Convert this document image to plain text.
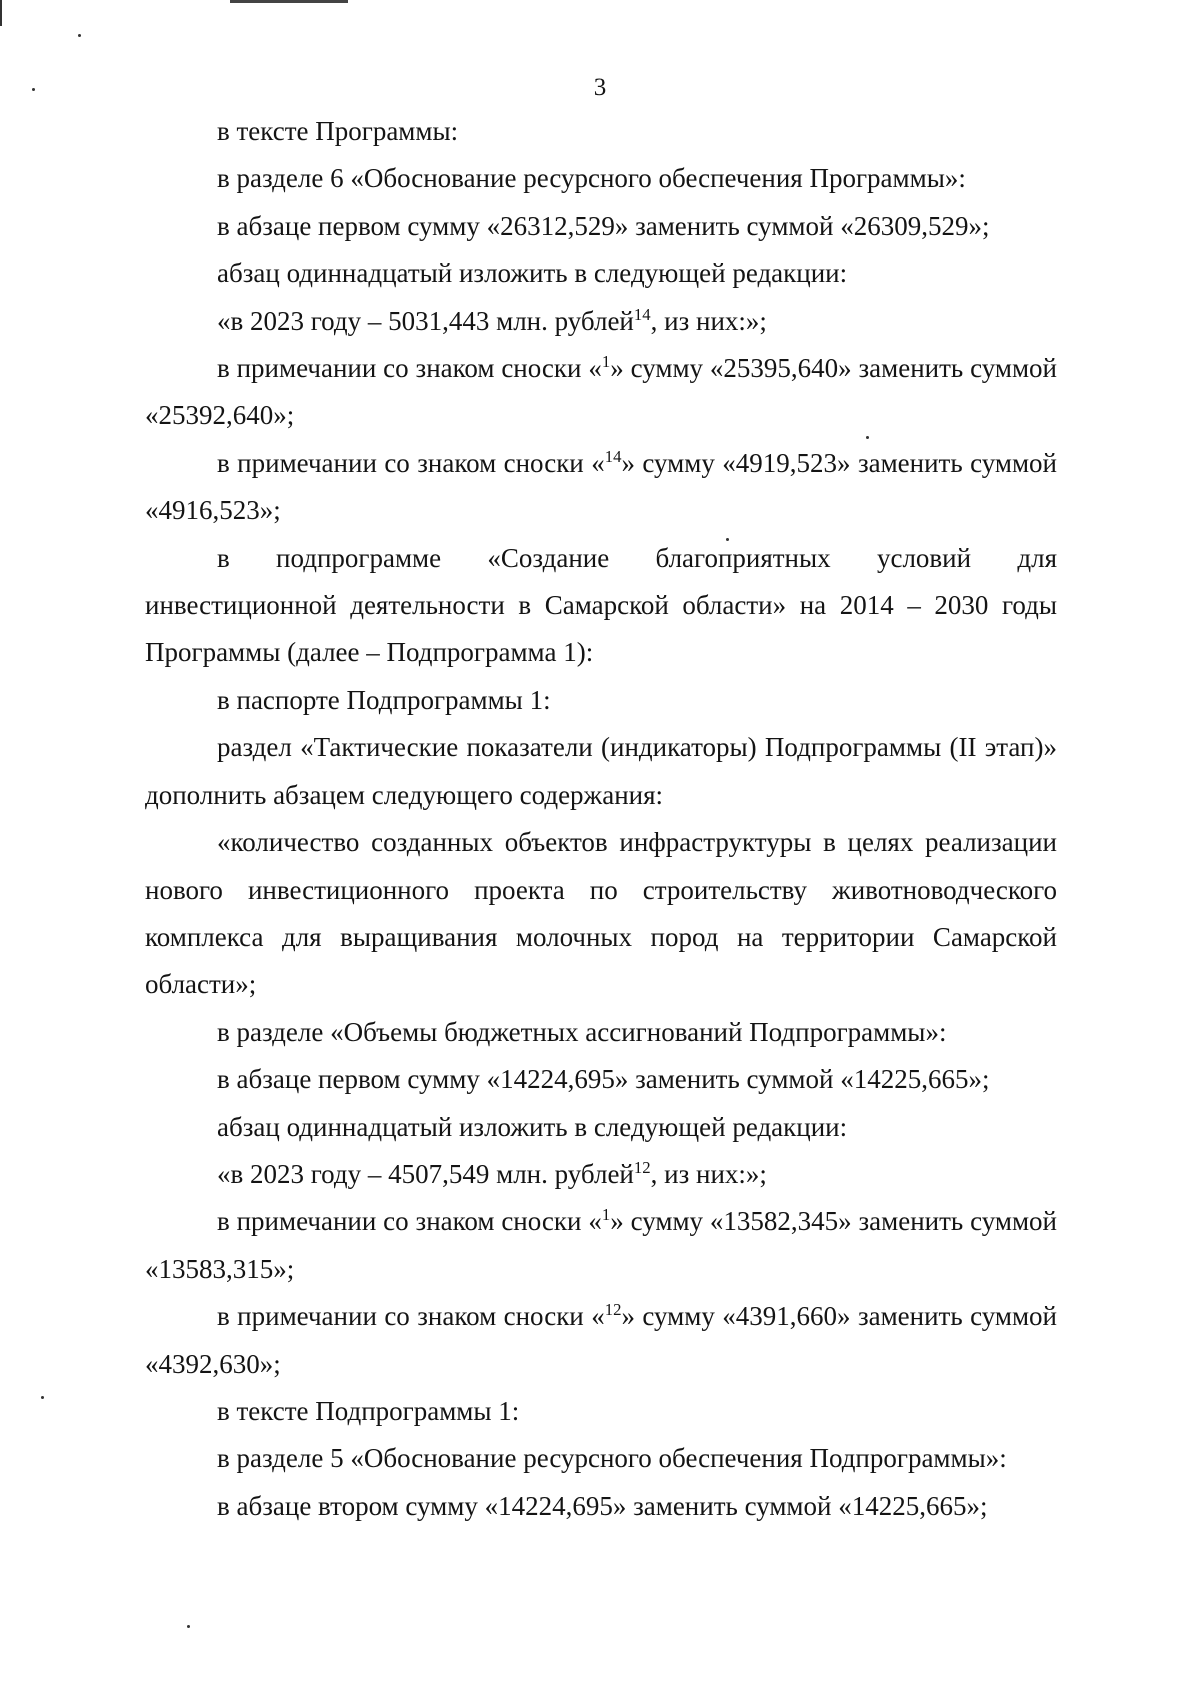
3

в тексте Программы:

в разделе 6 «Обоснование ресурсного обеспечения Программы»:

в абзаце первом сумму «26312,529» заменить суммой «26309,529»;

абзац одиннадцатый изложить в следующей редакции:

«в 2023 году – 5031,443 млн. рублей$^{14}$, из них:»;

в примечании со знаком сноски «$^1$» сумму «25395,640» заменить суммой «25392,640»;

в примечании со знаком сноски «$^{14}$» сумму «4919,523» заменить суммой «4916,523»;

в подпрограмме «Создание благоприятных условий для инвестиционной деятельности в Самарской области» на 2014 – 2030 годы Программы (далее – Подпрограмма 1):

в паспорте Подпрограммы 1:

раздел «Тактические показатели (индикаторы) Подпрограммы (II этап)» дополнить абзацем следующего содержания:

«количество созданных объектов инфраструктуры в целях реализации нового инвестиционного проекта по строительству животноводческого комплекса для выращивания молочных пород на территории Самарской области»;

в разделе «Объемы бюджетных ассигнований Подпрограммы»:

в абзаце первом сумму «14224,695» заменить суммой «14225,665»;

абзац одиннадцатый изложить в следующей редакции:

«в 2023 году – 4507,549 млн. рублей$^{12}$, из них:»;

в примечании со знаком сноски «$^1$» сумму «13582,345» заменить суммой «13583,315»;

в примечании со знаком сноски «$^{12}$» сумму «4391,660» заменить суммой «4392,630»;

в тексте Подпрограммы 1:

в разделе 5 «Обоснование ресурсного обеспечения Подпрограммы»:

в абзаце втором сумму «14224,695» заменить суммой «14225,665»;
